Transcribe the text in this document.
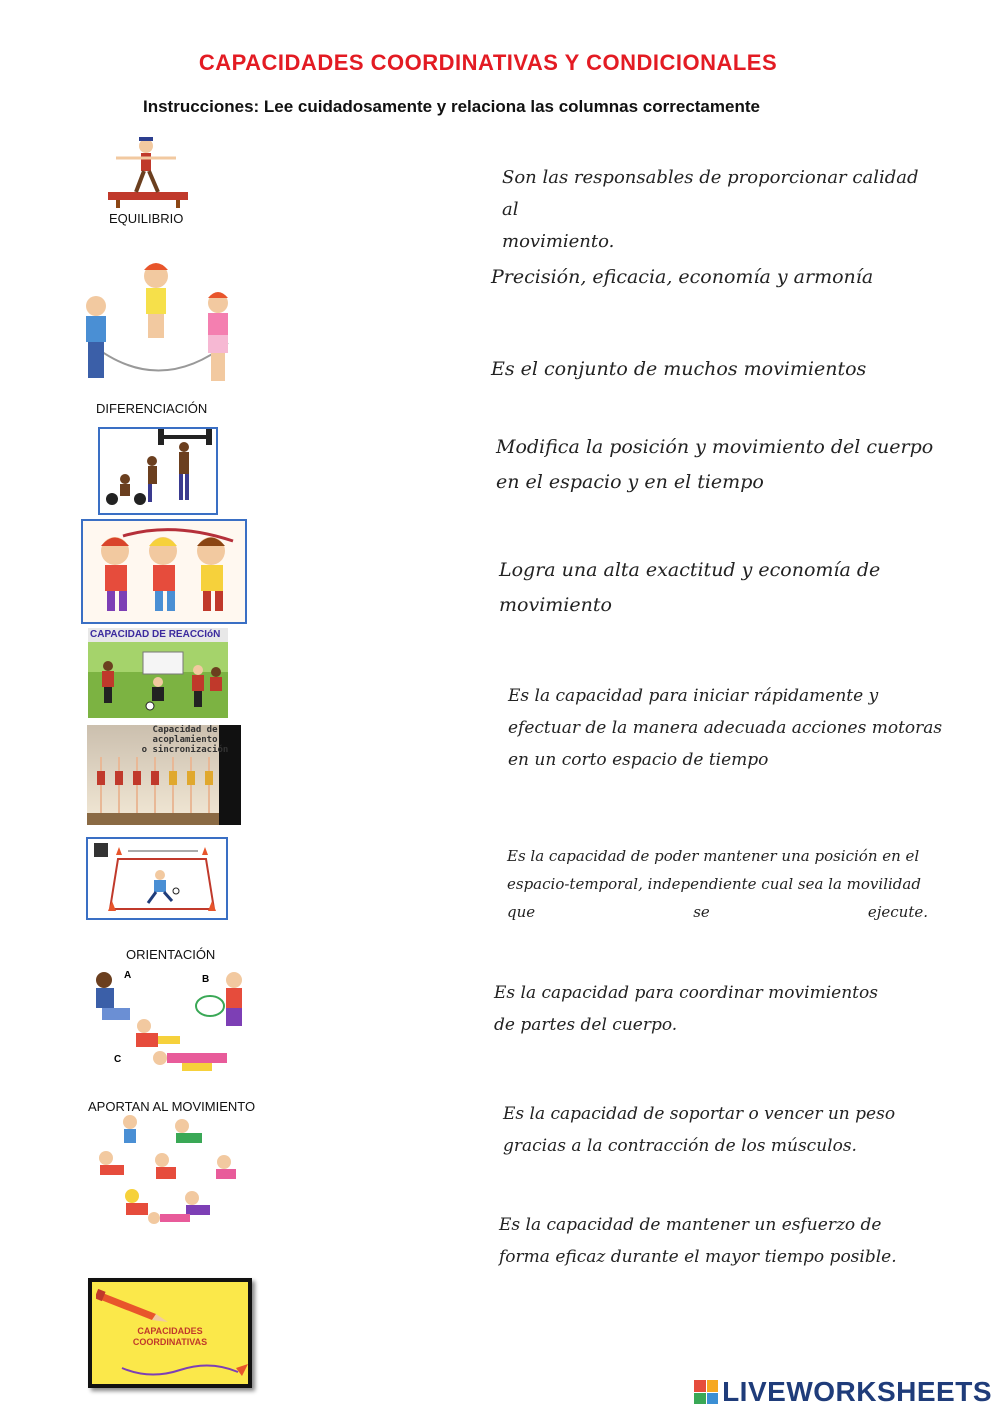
CAPACIDADES COORDINATIVAS Y CONDICIONALES
Instrucciones: Lee cuidadosamente y relaciona las columnas correctamente
EQUILIBRIO
DIFERENCIACIÓN
CAPACIDAD DE REACCIóN
Capacidad de
acoplamiento
o sincronización
ORIENTACIÓN
A	B
C
APORTAN AL MOVIMIENTO
CAPACIDADES
COORDINATIVAS
Son las responsables de proporcionar calidad al
movimiento.
Precisión, eficacia, economía y armonía
Es el conjunto de muchos movimientos
Modifica la posición y movimiento del cuerpo
en el espacio y en el tiempo
Logra una alta exactitud y economía de
movimiento
Es la capacidad para iniciar rápidamente y
efectuar de la manera adecuada acciones motoras
en un corto espacio de tiempo
Es la capacidad de poder mantener una posición en el
espacio-temporal, independiente cual sea la movilidad
que se ejecute.
Es la capacidad para coordinar movimientos
de partes del cuerpo.
Es la capacidad de soportar o vencer un peso
gracias a la contracción de los músculos.
Es la capacidad de mantener un esfuerzo de
forma eficaz durante el mayor tiempo posible.
LIVEWORKSHEETS
